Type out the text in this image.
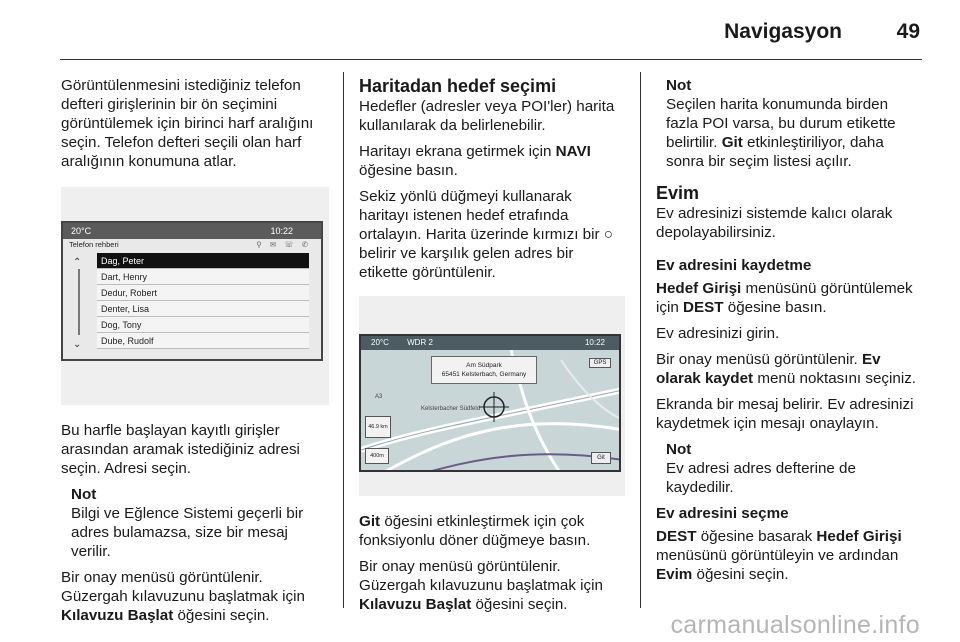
Navigasyon	49

Görüntülenmesini istediğiniz telefon defteri girişlerinin bir ön seçimini görüntülemek için birinci harf aralığını seçin. Telefon defteri seçili olan harf aralığının konumuna atlar.

20°C	10:22
Telefon rehberi	⚲ ✉ ☏ ✆
⌃
⌄
Dag, Peter
Dart, Henry
Dedur, Robert
Denter, Lisa
Dog, Tony
Dube, Rudolf

Bu harfle başlayan kayıtlı girişler arasından aramak istediğiniz adresi seçin. Adresi seçin.

Not
Bilgi ve Eğlence Sistemi geçerli bir adres bulamazsa, size bir mesaj verilir.

Bir onay menüsü görüntülenir. Güzergah kılavuzunu başlatmak için Kılavuzu Başlat öğesini seçin.

Haritadan hedef seçimi

Hedefler (adresler veya POI'ler) harita kullanılarak da belirlenebilir.

Haritayı ekrana getirmek için NAVI öğesine basın.

Sekiz yönlü düğmeyi kullanarak haritayı istenen hedef etrafında ortalayın. Harita üzerinde kırmızı bir ○ belirir ve karşılık gelen adres bir etikette görüntülenir.

20°C WDR 2	10:22
Am Südpark
65451 Kelsterbach, Germany
GPS
A3
Kelsterbacher Südfeld
46.9 km
400m	Git

Git öğesini etkinleştirmek için çok fonksiyonlu döner düğmeye basın.

Bir onay menüsü görüntülenir. Güzergah kılavuzunu başlatmak için Kılavuzu Başlat öğesini seçin.

Not
Seçilen harita konumunda birden fazla POI varsa, bu durum etikette belirtilir. Git etkinleştiriliyor, daha sonra bir seçim listesi açılır.
Evim

Ev adresinizi sistemde kalıcı olarak depolayabilirsiniz.

Ev adresini kaydetme

Hedef Girişi menüsünü görüntülemek için DEST öğesine basın.

Ev adresinizi girin.

Bir onay menüsü görüntülenir. Ev olarak kaydet menü noktasını seçiniz.

Ekranda bir mesaj belirir. Ev adresinizi kaydetmek için mesajı onaylayın.

Not
Ev adresi adres defterine de kaydedilir.
Ev adresini seçme

DEST öğesine basarak Hedef Girişi menüsünü görüntüleyin ve ardından Evim öğesini seçin.

carmanualsonline.info
